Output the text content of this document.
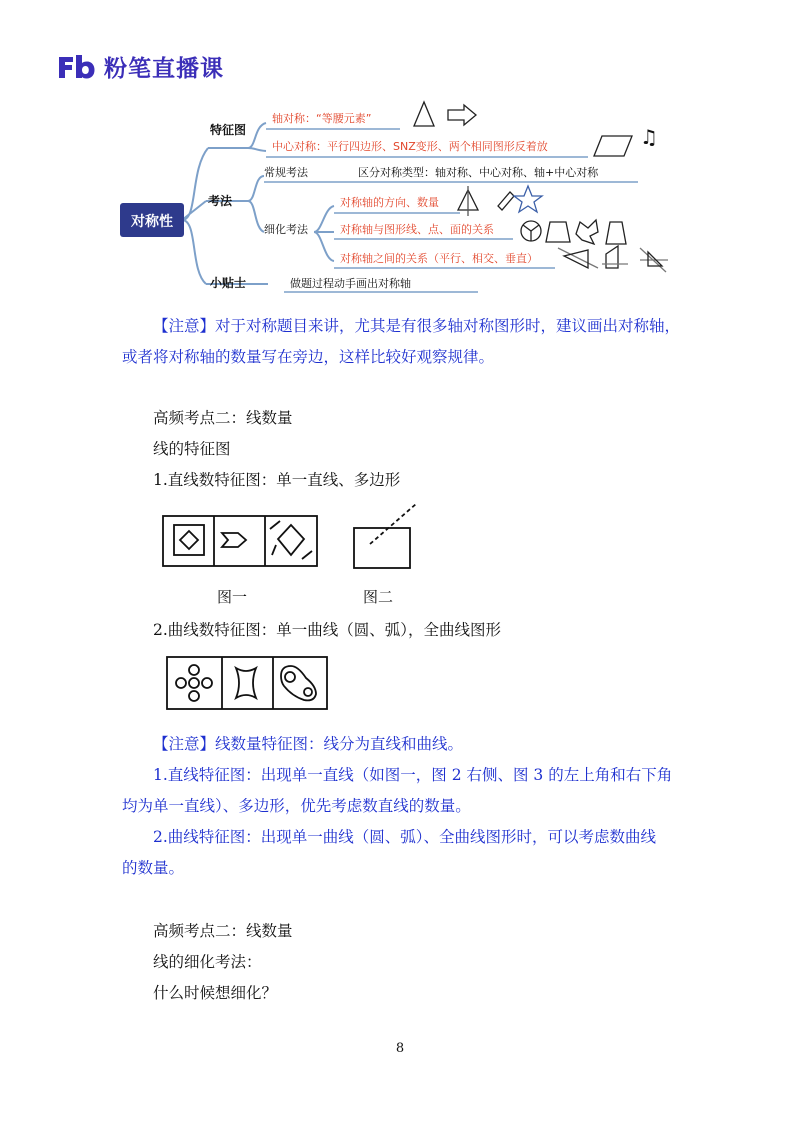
粉笔直播课
对称性
特征图
轴对称：“等腰元素”
中心对称：平行四边形、SNZ变形、两个相同图形反着放
考法
常规考法	区分对称类型：轴对称、中心对称、轴+中心对称
细化考法
对称轴的方向、数量
对称轴与图形线、点、面的关系
对称轴之间的关系（平行、相交、垂直）
小贴士	做题过程动手画出对称轴
♫
【注意】对于对称题目来讲，尤其是有很多轴对称图形时，建议画出对称轴，
或者将对称轴的数量写在旁边，这样比较好观察规律。
高频考点二：线数量
线的特征图
1.直线数特征图：单一直线、多边形
图一	图二
2.曲线数特征图：单一曲线（圆、弧），全曲线图形
【注意】线数量特征图：线分为直线和曲线。
1.直线特征图：出现单一直线（如图一，图 2 右侧、图 3 的左上角和右下角
均为单一直线）、多边形，优先考虑数直线的数量。
2.曲线特征图：出现单一曲线（圆、弧）、全曲线图形时，可以考虑数曲线
的数量。
高频考点二：线数量
线的细化考法：
什么时候想细化？
8
